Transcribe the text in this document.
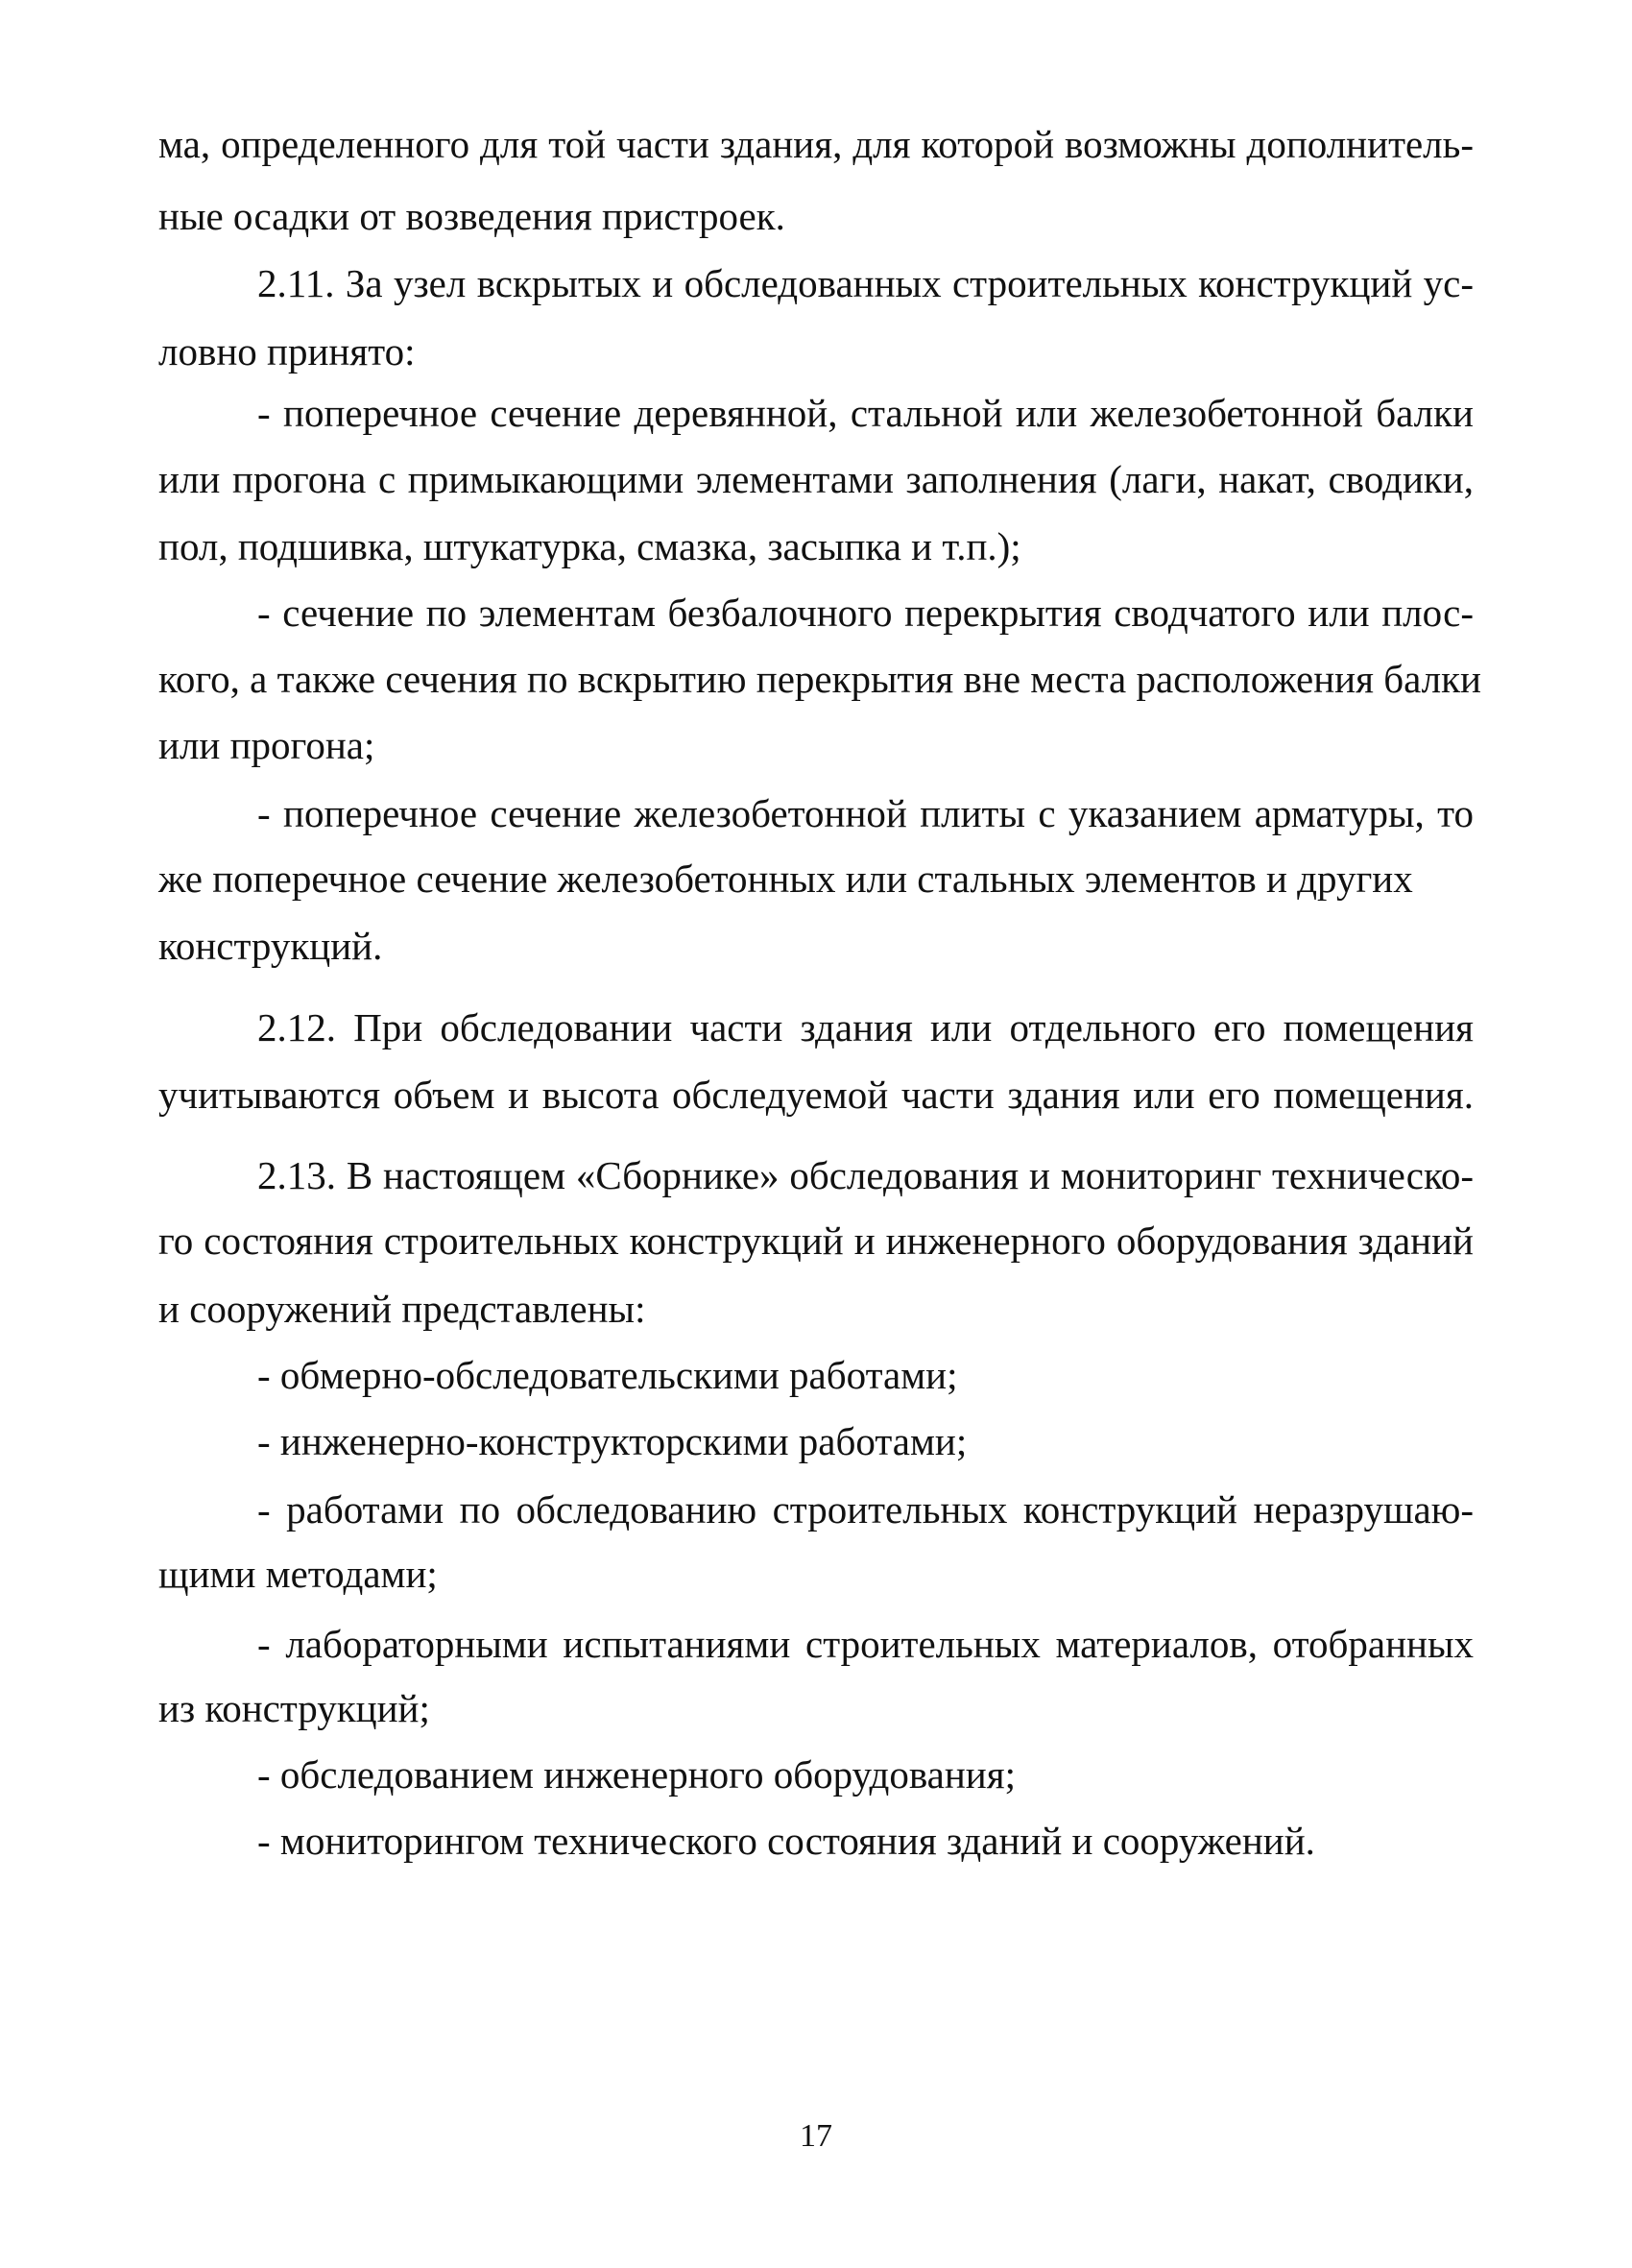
ма, определенного для той части здания, для которой возможны дополнитель-

ные осадки от возведения пристроек.

2.11. За узел вскрытых и обследованных строительных конструкций ус-

ловно принято:

- поперечное сечение деревянной, стальной или железобетонной балки

или прогона с примыкающими элементами заполнения (лаги, накат, сводики,

пол, подшивка, штукатурка, смазка, засыпка и т.п.);

- сечение по элементам безбалочного перекрытия сводчатого или плос-

кого, а также сечения по вскрытию перекрытия вне места расположения балки

или прогона;

- поперечное сечение железобетонной плиты с указанием арматуры, то

же поперечное сечение железобетонных или стальных элементов и других

конструкций.

2.12. При обследовании части здания или отдельного его помещения

учитываются объем и высота обследуемой части здания или его помещения.

2.13. В настоящем «Сборнике» обследования и мониторинг техническо-

го состояния строительных конструкций и инженерного оборудования зданий

и сооружений представлены:

- обмерно-обследовательскими работами;

- инженерно-конструкторскими работами;

- работами по обследованию строительных конструкций неразрушаю-

щими методами;

- лабораторными испытаниями строительных материалов, отобранных

из конструкций;

- обследованием инженерного оборудования;

- мониторингом технического состояния зданий и сооружений.

17
